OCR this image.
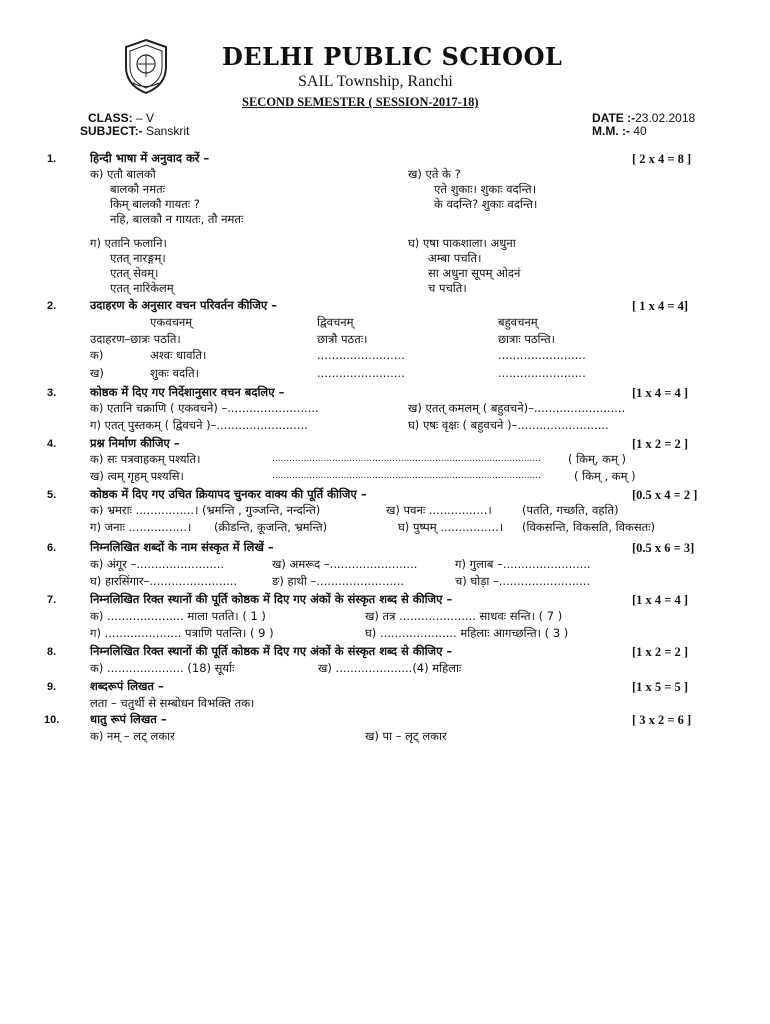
DELHI PUBLIC SCHOOL
SAIL Township, Ranchi
SECOND SEMESTER ( SESSION-2017-18)
CLASS: – V
SUBJECT:- Sanskrit
DATE :-23.02.2018
M.M. :- 40
1.	हिन्दी भाषा में अनुवाद करें –	[ 2 x 4 = 8 ]
क) एतौ बालकौ
बालकौ नमतः
किम् बालकौ गायतः ?
नहि, बालकौ न गायतः, तौ नमतः
ख) एते के ?
एते शुकाः। शुकाः वदन्ति।
के वदन्ति? शुकाः वदन्ति।
ग) एतानि फलानि।
एतत् नारङ्गम्।
एतत् सेवम्।
एतत् नारिकेलम्
घ) एषा पाकशाला। अधुना
अम्बा पचति।
सा अधुना सूपम् ओदनं
च पचति।
2.	उदाहरण के अनुसार वचन परिवर्तन कीजिए –	[ 1 x 4 = 4]
एकवचनम्	द्विवचनम्	बहुवचनम्
उदाहरण–छात्रः पठति।	छात्रौ पठतः।	छात्राः पठन्ति।
क)	अश्वः धावति।	........................	........................
ख)	शुकः वदति।	........................	........................
3.	कोष्ठक में दिए गए निर्देशानुसार वचन बदलिए –	[1 x 4 = 4 ]
क) एतानि चक्राणि ( एकवचने) –.........................	ख) एतत् कमलम् ( बहुवचने)–.........................
ग) एतत् पुस्तकम् ( द्विवचने )–.........................	घ) एषः वृक्षः ( बहुवचने )–.........................
4.	प्रश्न निर्माण कीजिए –	[1 x 2 = 2 ]
क) सः पत्रवाहकम् पश्यति।	.............................................................................................. ( किम्, कम् )
ख) त्वम् गृहम् पश्यसि।	..............................................................................................	( किम् , कम् )
5.	कोष्ठक में दिए गए उचित क्रियापद चुनकर वाक्य की पूर्ति कीजिए –	[0.5 x 4 = 2 ]
क) भ्रमराः ................। (भ्रमन्ति , गुञ्जन्ति, नन्दन्ति)	ख) पवनः ................।	(पतति, गच्छति, वहति)
ग) जनाः ................। (क्रीडन्ति, कूजन्ति, भ्रमन्ति)	घ) पुष्पम् ................। (विकसन्ति, विकसति, विकसतः)
6.	निम्नलिखित शब्दों के नाम संस्कृत में लिखें –	[0.5 x 6 = 3]
क) अंगूर –........................	ख) अमरूद –........................	ग) गुलाब –........................
घ) हारसिंगार–........................	ङ) हाथी –........................	च) घोड़ा –.........................
7.	निम्नलिखित रिक्त स्थानों की पूर्ति कोष्ठक में दिए गए अंकों के संस्कृत शब्द से कीजिए –	[1 x 4 = 4 ]
क) ..................... माला पतति। ( 1 )	ख) तत्र ..................... साधवः सन्ति। ( 7 )
ग) ..................... पत्राणि पतन्ति। ( 9 )	घ) ..................... महिलाः आगच्छन्ति। ( 3 )
8.	निम्नलिखित रिक्त स्थानों की पूर्ति कोष्ठक में दिए गए अंकों के संस्कृत शब्द से कीजिए –	[1 x 2 = 2 ]
क) ..................... (18) सूर्याः	ख) .....................(4) महिलाः
9.	शब्दरूपं लिखत –	[1 x 5 = 5 ]
लता – चतुर्थी से सम्बोधन विभक्ति तक।
10.	धातु रूपं लिखत –	[ 3 x 2 = 6 ]
क) नम् – लट् लकार	ख) पा – लृट् लकार
